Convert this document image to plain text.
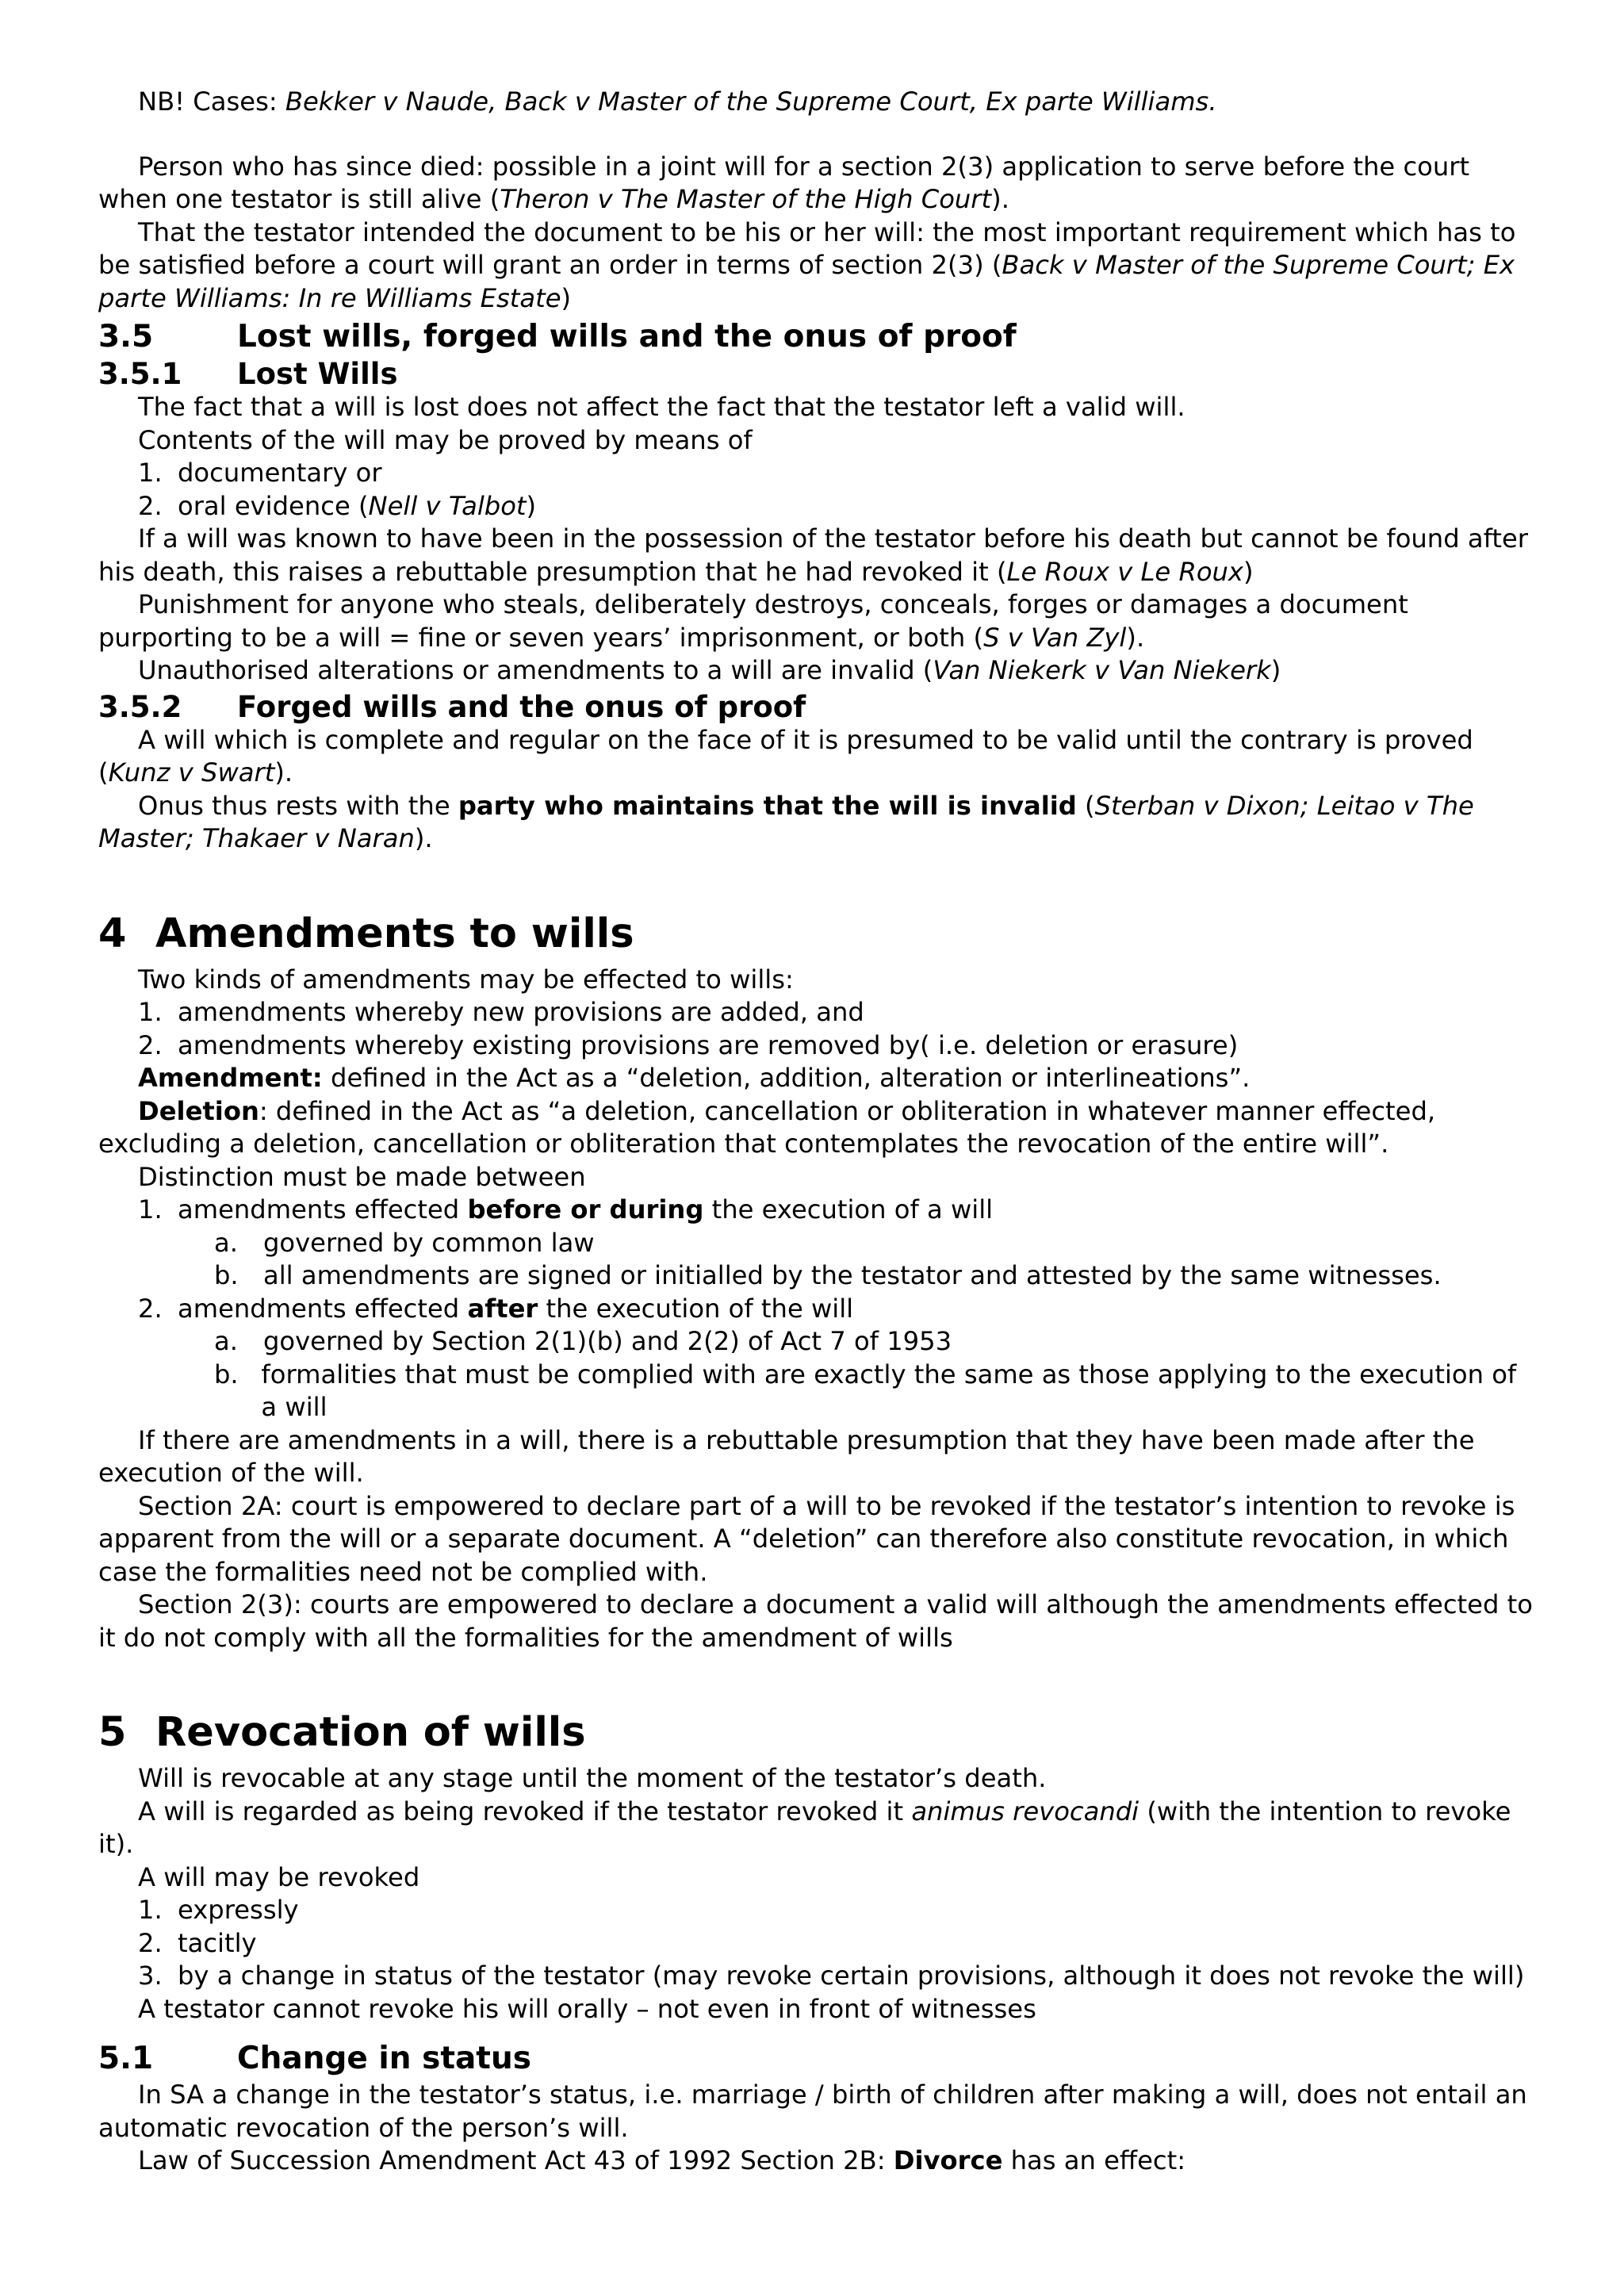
NB! Cases: Bekker v Naude, Back v Master of the Supreme Court, Ex parte Williams.

Person who has since died: possible in a joint will for a section 2(3) application to serve before the court when one testator is still alive (Theron v The Master of the High Court).

That the testator intended the document to be his or her will: the most important requirement which has to be satisfied before a court will grant an order in terms of section 2(3) (Back v Master of the Supreme Court; Ex parte Williams: In re Williams Estate)

3.5	Lost wills, forged wills and the onus of proof
3.5.1	Lost Wills

The fact that a will is lost does not affect the fact that the testator left a valid will.

Contents of the will may be proved by means of

1. documentary or
2. oral evidence (Nell v Talbot)

If a will was known to have been in the possession of the testator before his death but cannot be found after his death, this raises a rebuttable presumption that he had revoked it (Le Roux v Le Roux)

Punishment for anyone who steals, deliberately destroys, conceals, forges or damages a document purporting to be a will = fine or seven years’ imprisonment, or both (S v Van Zyl).

Unauthorised alterations or amendments to a will are invalid (Van Niekerk v Van Niekerk)

3.5.2	Forged wills and the onus of proof

A will which is complete and regular on the face of it is presumed to be valid until the contrary is proved (Kunz v Swart).

Onus thus rests with the party who maintains that the will is invalid (Sterban v Dixon; Leitao v The Master; Thakaer v Naran).

4 Amendments to wills

Two kinds of amendments may be effected to wills:

1. amendments whereby new provisions are added, and
2. amendments whereby existing provisions are removed by( i.e. deletion or erasure)

Amendment: defined in the Act as a “deletion, addition, alteration or interlineations”.

Deletion: defined in the Act as “a deletion, cancellation or obliteration in whatever manner effected, excluding a deletion, cancellation or obliteration that contemplates the revocation of the entire will”.

Distinction must be made between

1. amendments effected before or during the execution of a will
a. governed by common law
b. all amendments are signed or initialled by the testator and attested by the same witnesses.
2. amendments effected after the execution of the will
a. governed by Section 2(1)(b) and 2(2) of Act 7 of 1953
b. formalities that must be complied with are exactly the same as those applying to the execution of a will

If there are amendments in a will, there is a rebuttable presumption that they have been made after the execution of the will.

Section 2A: court is empowered to declare part of a will to be revoked if the testator’s intention to revoke is apparent from the will or a separate document. A “deletion” can therefore also constitute revocation, in which case the formalities need not be complied with.

Section 2(3): courts are empowered to declare a document a valid will although the amendments effected to it do not comply with all the formalities for the amendment of wills

5 Revocation of wills

Will is revocable at any stage until the moment of the testator’s death.

A will is regarded as being revoked if the testator revoked it animus revocandi (with the intention to revoke it).

A will may be revoked

1. expressly
2. tacitly
3. by a change in status of the testator (may revoke certain provisions, although it does not revoke the will)

A testator cannot revoke his will orally – not even in front of witnesses

5.1	Change in status

In SA a change in the testator’s status, i.e. marriage / birth of children after making a will, does not entail an automatic revocation of the person’s will.

Law of Succession Amendment Act 43 of 1992 Section 2B: Divorce has an effect:
